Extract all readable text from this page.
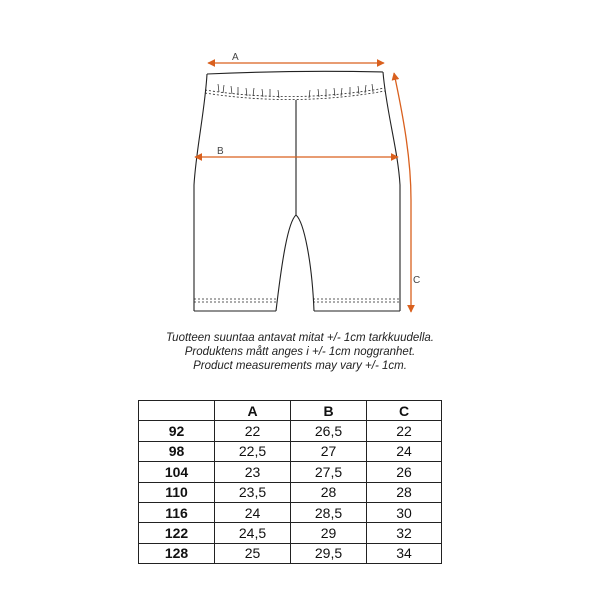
A
B
C
Tuotteen suuntaa antavat mitat +/- 1cm tarkkuudella.
Produktens mått anges i +/- 1cm noggranhet.
Product measurements may vary +/- 1cm.
	A	B	C
92	22	26,5	22
98	22,5	27	24
104	23	27,5	26
110	23,5	28	28
116	24	28,5	30
122	24,5	29	32
128	25	29,5	34
